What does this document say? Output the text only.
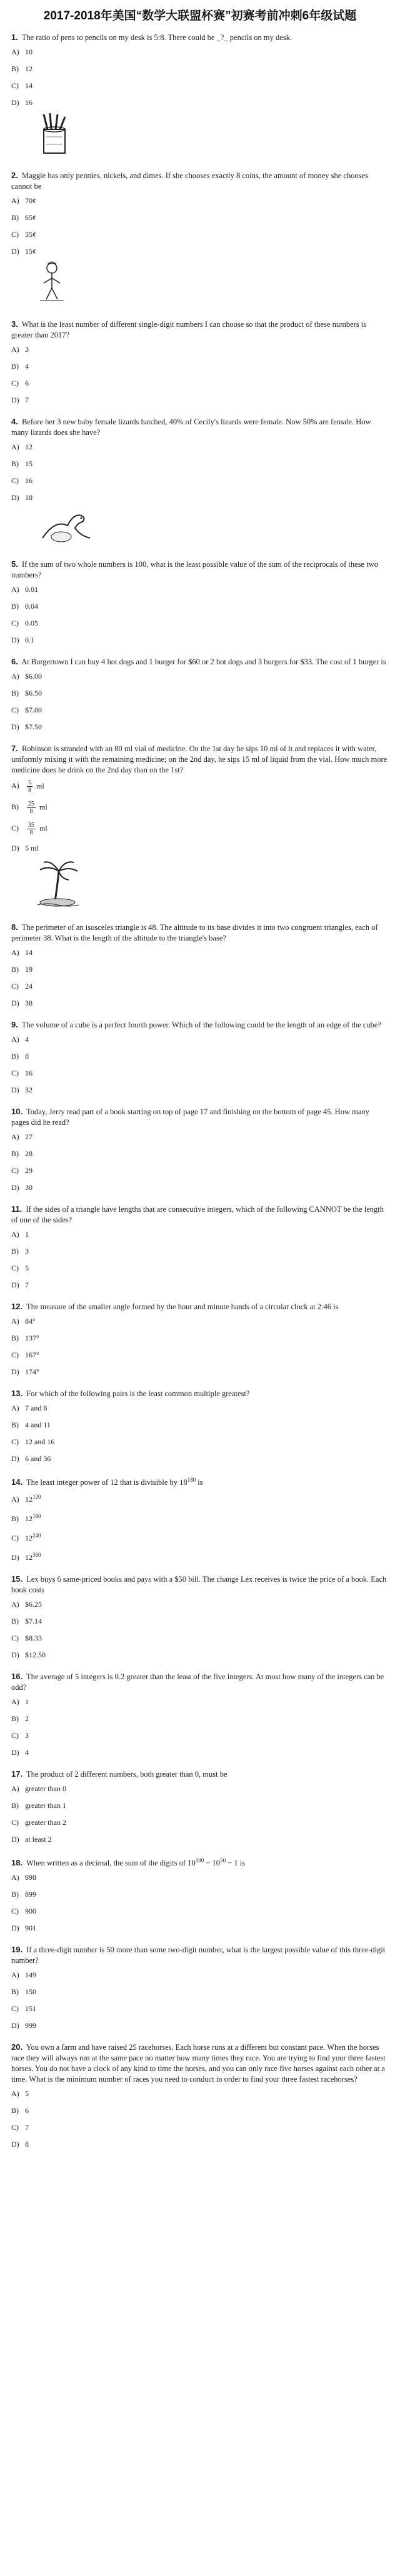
2017-2018年美国“数学大联盟杯赛”初赛考前冲刺6年级试题

1. The ratio of pens to pencils on my desk is 5:8. There could be _?_ pencils on my desk.

A) 10

B) 12

C) 14

D) 16

2. Maggie has only pennies, nickels, and dimes. If she chooses exactly 8 coins, the amount of money she chooses cannot be

A) 70¢

B) 65¢

C) 35¢

D) 15¢

3. What is the least number of different single-digit numbers I can choose so that the product of these numbers is greater than 2017?

A) 3

B) 4

C) 6

D) 7

4. Before her 3 new baby female lizards hatched, 40% of Cecily's lizards were female. Now 50% are female. How many lizards does she have?

A) 12

B) 15

C) 16

D) 18

5. If the sum of two whole numbers is 100, what is the least possible value of the sum of the reciprocals of these two numbers?

A) 0.01

B) 0.04

C) 0.05

D) 0.1

6. At Burgertown I can buy 4 hot dogs and 1 burger for $60 or 2 hot dogs and 3 burgers for $33. The cost of 1 burger is

A) $6.00

B) $6.50

C) $7.00

D) $7.50

7. Robinson is stranded with an 80 ml vial of medicine. On the 1st day he sips 10 ml of it and replaces it with water, uniformly mixing it with the remaining medicine; on the 2nd day, he sips 15 ml of liquid from the vial. How much more medicine does he drink on the 2nd day than on the 1st?

$A) \frac{5}{8}$ ml

$B) \frac{25}{8}$ ml

$C) \frac{35}{8}$ ml

D) 5 ml

8. The perimeter of an isosceles triangle is 48. The altitude to its base divides it into two congruent triangles, each of perimeter 38. What is the length of the altitude to the triangle's base?

A) 14

B) 19

C) 24

D) 38

9. The volume of a cube is a perfect fourth power. Which of the following could be the length of an edge of the cube?

A) 4

B) 8

C) 16

D) 32

10. Today, Jerry read part of a book starting on top of page 17 and finishing on the bottom of page 45. How many pages did he read?

A) 27

B) 28

C) 29

D) 30

11. If the sides of a triangle have lengths that are consecutive integers, which of the following CANNOT be the length of one of the sides?

A) 1

B) 3

C) 5

D) 7

12. The measure of the smaller angle formed by the hour and minute hands of a circular clock at 2:46 is

A) 84°

B) 137°

C) 167°

D) 174°

13. For which of the following pairs is the least common multiple greatest?

A) 7 and 8

B) 4 and 11

C) 12 and 16

D) 6 and 36

14. The least integer power of 12 that is divisible by $18^{180}$ is

A) $12^{120}$

B) $12^{180}$

C) $12^{240}$

D) $12^{360}$

15. Lex buys 6 same-priced books and pays with a $50 bill. The change Lex receives is twice the price of a book. Each book costs

A) $6.25

B) $7.14

C) $8.33

D) $12.50

16. The average of 5 integers is 0.2 greater than the least of the five integers. At most how many of the integers can be odd?

A) 1

B) 2

C) 3

D) 4

17. The product of 2 different numbers, both greater than 0, must be

A) greater than 0

B) greater than 1

C) greater than 2

D) at least 2

18. When written as a decimal, the sum of the digits of $10^{100} - 10^{50} - 1$ is

A) 898

B) 899

C) 900

D) 901

19. If a three-digit number is 50 more than some two-digit number, what is the largest possible value of this three-digit number?

A) 149

B) 150

C) 151

D) 999

20. You own a farm and have raised 25 racehorses. Each horse runs at a different but constant pace. When the horses race they will always run at the same pace no matter how many times they race. You are trying to find your three fastest horses. You do not have a clock of any kind to time the horses, and you can only race five horses against each other at a time. What is the minimum number of races you need to conduct in order to find your three fastest racehorses?

A) 5

B) 6

C) 7

D) 8
